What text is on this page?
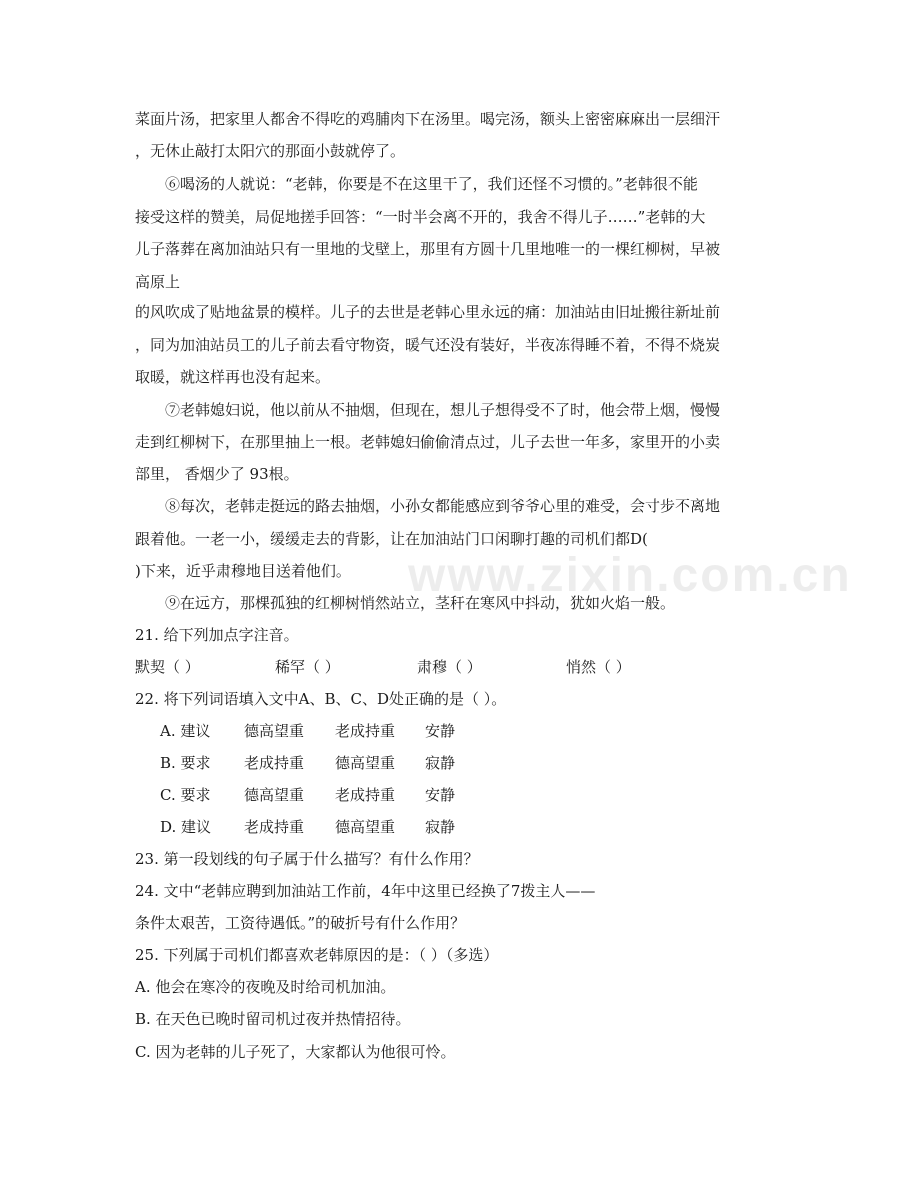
菜面片汤，把家里人都舍不得吃的鸡脯肉下在汤里。喝完汤，额头上密密麻麻出一层细汗
，无休止敲打太阳穴的那面小鼓就停了。
⑥喝汤的人就说：“老韩，你要是不在这里干了，我们还怪不习惯的。”老韩很不能
接受这样的赞美，局促地搓手回答：“一时半会离不开的，我舍不得儿子……”老韩的大
儿子落葬在离加油站只有一里地的戈壁上，那里有方圆十几里地唯一的一棵红柳树，早被
高原上
的风吹成了贴地盆景的模样。儿子的去世是老韩心里永远的痛：加油站由旧址搬往新址前
，同为加油站员工的儿子前去看守物资，暖气还没有装好，半夜冻得睡不着，不得不烧炭
取暖，就这样再也没有起来。
⑦老韩媳妇说，他以前从不抽烟，但现在，想儿子想得受不了时，他会带上烟，慢慢
走到红柳树下，在那里抽上一根。老韩媳妇偷偷清点过，儿子去世一年多，家里开的小卖
部里， 香烟少了 93根。
⑧每次，老韩走挺远的路去抽烟，小孙女都能感应到爷爷心里的难受，会寸步不离地
跟着他。一老一小，缓缓走去的背影，让在加油站门口闲聊打趣的司机们都D(
)下来，近乎肃穆地目送着他们。
⑨在远方，那棵孤独的红柳树悄然站立，茎秆在寒风中抖动，犹如火焰一般。
21. 给下列加点字注音。
默契（ ）	稀罕（ ）	肃穆（ ）	悄然（ ）
22. 将下列词语填入文中A、B、C、D处正确的是（ ）。
A. 建议 德高望重 老成持重 安静
B. 要求 老成持重 德高望重 寂静
C. 要求 德高望重 老成持重 安静
D. 建议 老成持重 德高望重 寂静
23. 第一段划线的句子属于什么描写？有什么作用？
24. 文中“老韩应聘到加油站工作前，4年中这里已经换了7拨主人——
条件太艰苦，工资待遇低。”的破折号有什么作用？
25. 下列属于司机们都喜欢老韩原因的是：（ ）（多选）
A. 他会在寒冷的夜晚及时给司机加油。
B. 在天色已晚时留司机过夜并热情招待。
C. 因为老韩的儿子死了，大家都认为他很可怜。
www.zixin.com.cn
